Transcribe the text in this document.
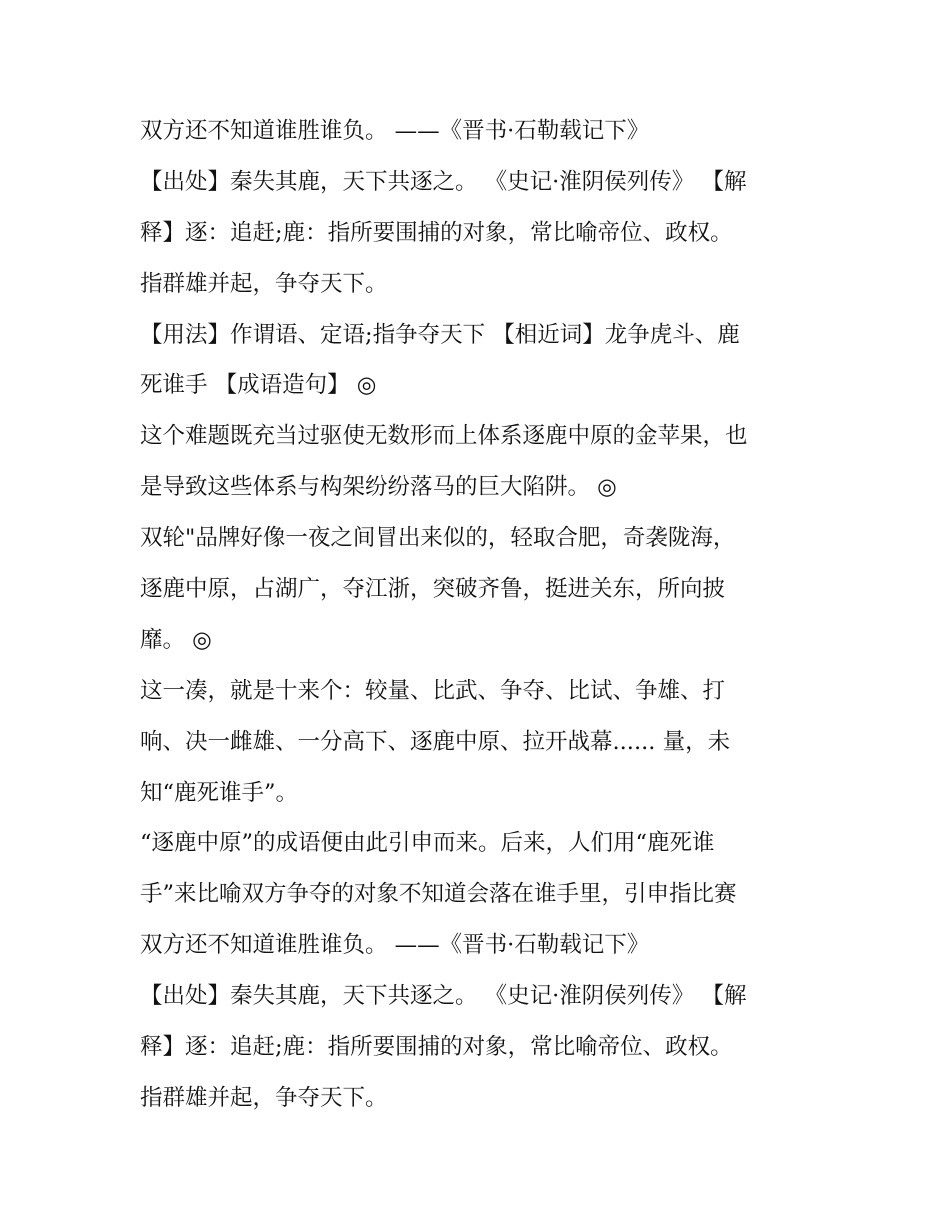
双方还不知道谁胜谁负。 ——《晋书·石勒载记下》
【出处】秦失其鹿，天下共逐之。 《史记·淮阴侯列传》 【解
释】逐：追赶;鹿：指所要围捕的对象，常比喻帝位、政权。
指群雄并起，争夺天下。
【用法】作谓语、定语;指争夺天下 【相近词】龙争虎斗、鹿
死谁手 【成语造句】 ◎
这个难题既充当过驱使无数形而上体系逐鹿中原的金苹果，也
是导致这些体系与构架纷纷落马的巨大陷阱。 ◎
双轮"品牌好像一夜之间冒出来似的，轻取合肥，奇袭陇海，
逐鹿中原，占湖广，夺江浙，突破齐鲁，挺进关东，所向披
靡。 ◎
这一凑，就是十来个：较量、比武、争夺、比试、争雄、打
响、决一雌雄、一分高下、逐鹿中原、拉开战幕...... 量，未
知“鹿死谁手”。
“逐鹿中原”的成语便由此引申而来。后来，人们用“鹿死谁
手”来比喻双方争夺的对象不知道会落在谁手里，引申指比赛
双方还不知道谁胜谁负。 ——《晋书·石勒载记下》
【出处】秦失其鹿，天下共逐之。 《史记·淮阴侯列传》 【解
释】逐：追赶;鹿：指所要围捕的对象，常比喻帝位、政权。
指群雄并起，争夺天下。
